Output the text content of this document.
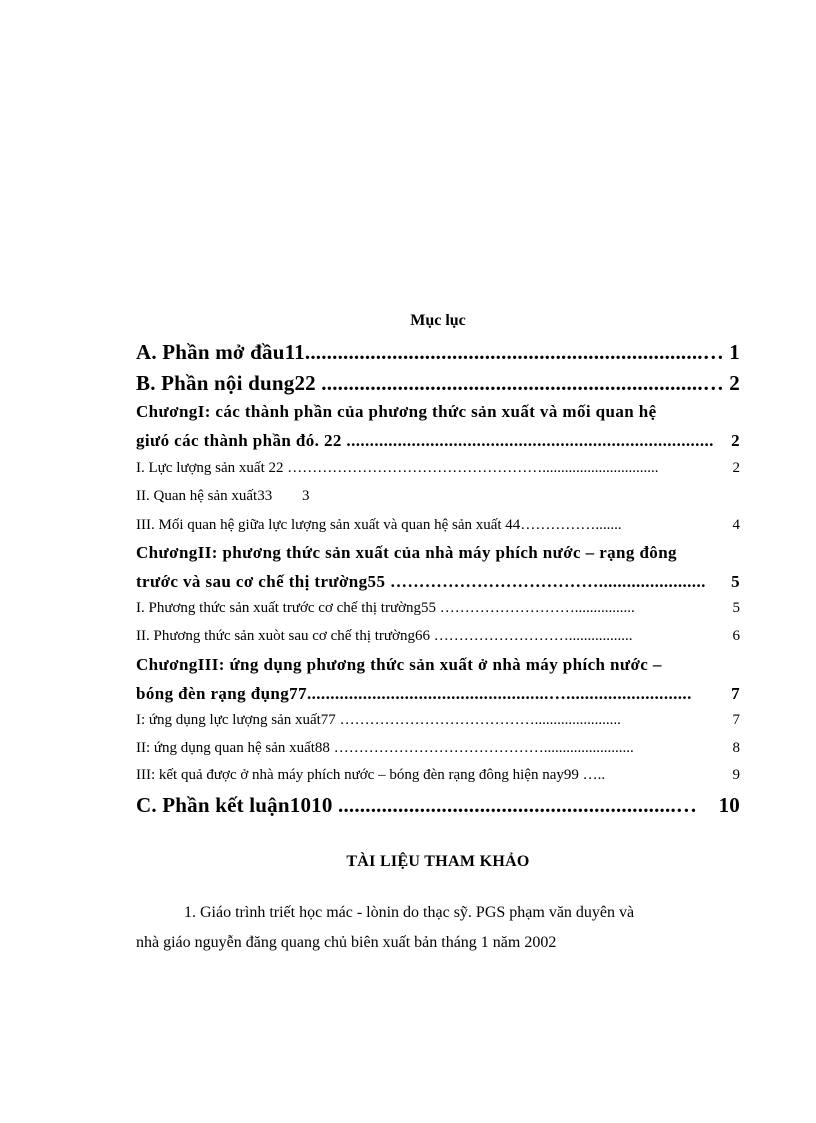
Mục lục
A. Phần mở đầu11.........................................................................… 1
B. Phần nội dung22 ......................................................................… 2
ChươngI: các thành phần của phương thức sản xuất và mối quan hệ
giưó các thành phần đó. 22 ............................................................................... 2
I. Lực lượng sản xuất 22 ……………………………………………...............................	2
II. Quan hệ sản xuất33 3
III. Mối quan hệ giữa lực lượng sản xuất và quan hệ sản xuất 44…………….......	4
ChươngII: phương thức sản xuất của nhà máy phích nước – rạng đông
trước và sau cơ chế thị trường55 ………………………………....................... 5
I. Phương thức sản xuất trước cơ chế thị trường55 ………………………................	5
II. Phương thức sản xuòt sau cơ chế thị trường66 ……………………….................	6
ChươngIII: ứng dụng phương thức sản xuất ở nhà máy phích nước –
bóng đèn rạng đụng77....................................................…........................... 7
I: ứng dụng lực lượng sản xuất77 ………………………………….......................	7
II: ứng dụng quan hệ sản xuất88 ……………………………………........................	8
III: kết quả được ở nhà máy phích nước – bóng đèn rạng đông hiện nay99 …..	9
C. Phần kết luận1010 ..............................................................… 10
TÀI LIỆU THAM KHẢO
1. Giáo trình triết học mác - lònin do thạc sỹ. PGS phạm văn duyên và
nhà giáo nguyễn đăng quang chủ biên xuất bản tháng 1 năm 2002
